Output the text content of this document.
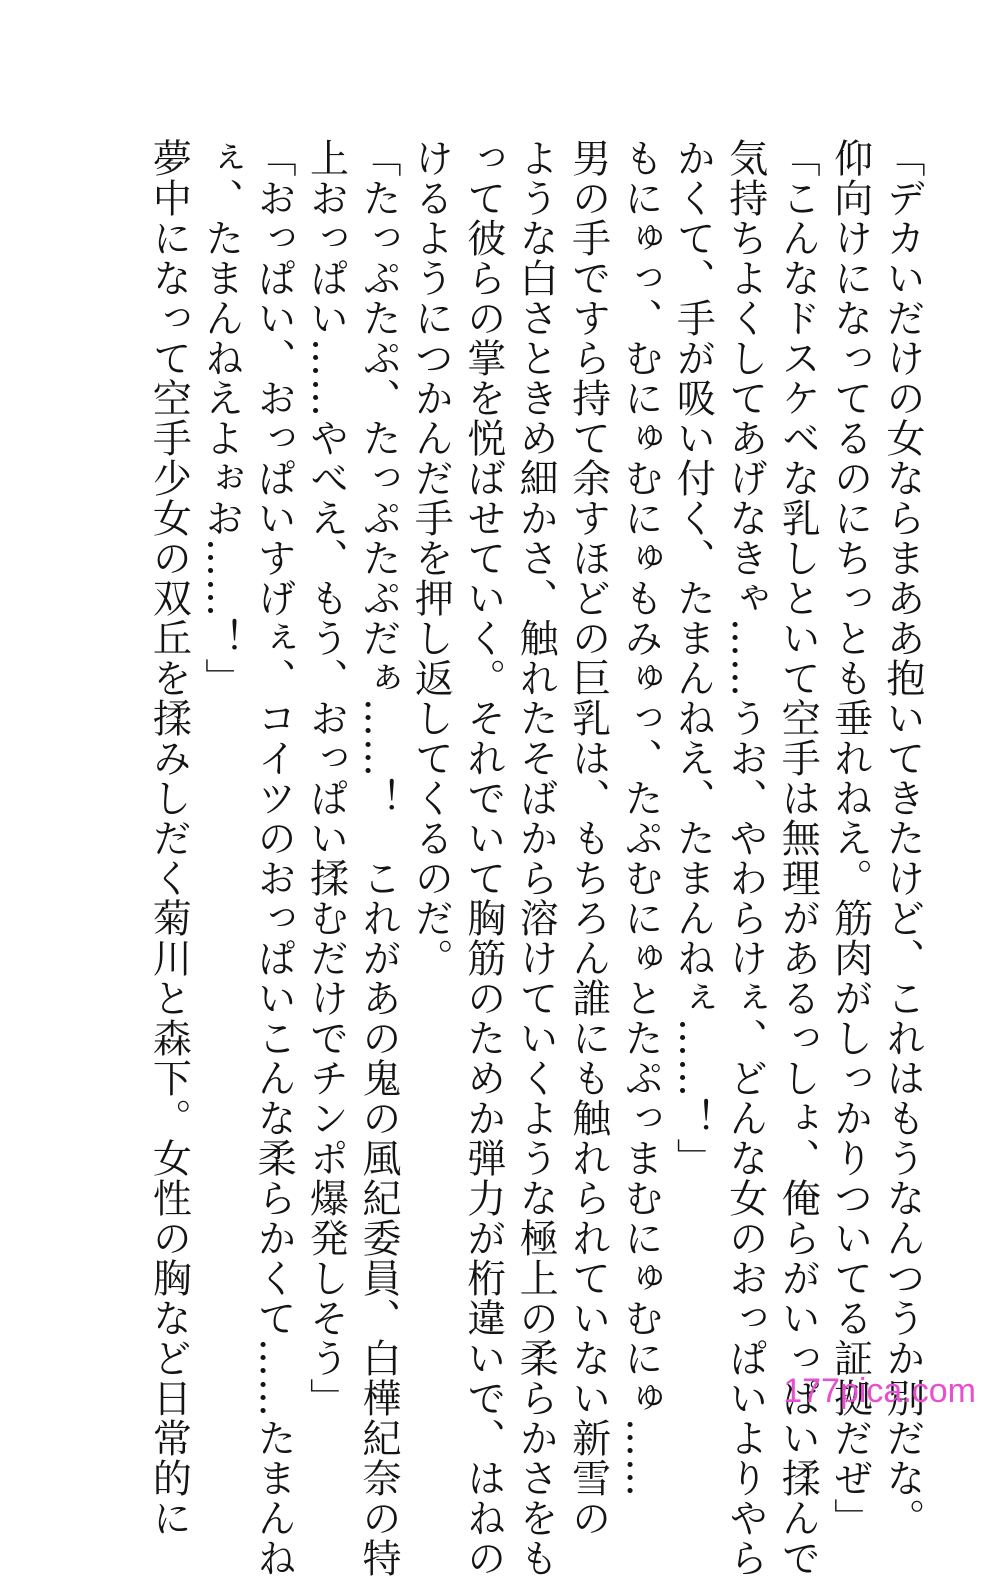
「デカいだけの女ならまああ抱いてきたけど、これはもうなんつうか別だな。
仰向けになってるのにちっとも垂れねえ。筋肉がしっかりついてる証拠だぜ」
「こんなドスケベな乳しといて空手は無理があるっしょ、俺らがいっぱい揉んで
気持ちよくしてあげなきゃ……うお、やわらけぇ、どんな女のおっぱいよりやら
かくて、手が吸い付く、たまんねえ、たまんねぇ……！」
もにゅっ、むにゅむにゅもみゅっ、たぷむにゅとたぷっまむにゅむにゅ……
男の手ですら持て余すほどの巨乳は、もちろん誰にも触れられていない新雪の
ような白さときめ細かさ、触れたそばから溶けていくような極上の柔らかさをも
って彼らの掌を悦ばせていく。それでいて胸筋のためか弾力が桁違いで、はねの
けるようにつかんだ手を押し返してくるのだ。
「たっぷたぷ、たっぷたぷだぁ……！　これがあの鬼の風紀委員、白樺紀奈の特
上おっぱい……やべえ、もう、おっぱい揉むだけでチンポ爆発しそう」
「おっぱい、おっぱいすげぇ、コイツのおっぱいこんな柔らかくて……たまんね
ぇ、たまんねえよぉお……！」
夢中になって空手少女の双丘を揉みしだく菊川と森下。女性の胸など日常的に	177pica.com
